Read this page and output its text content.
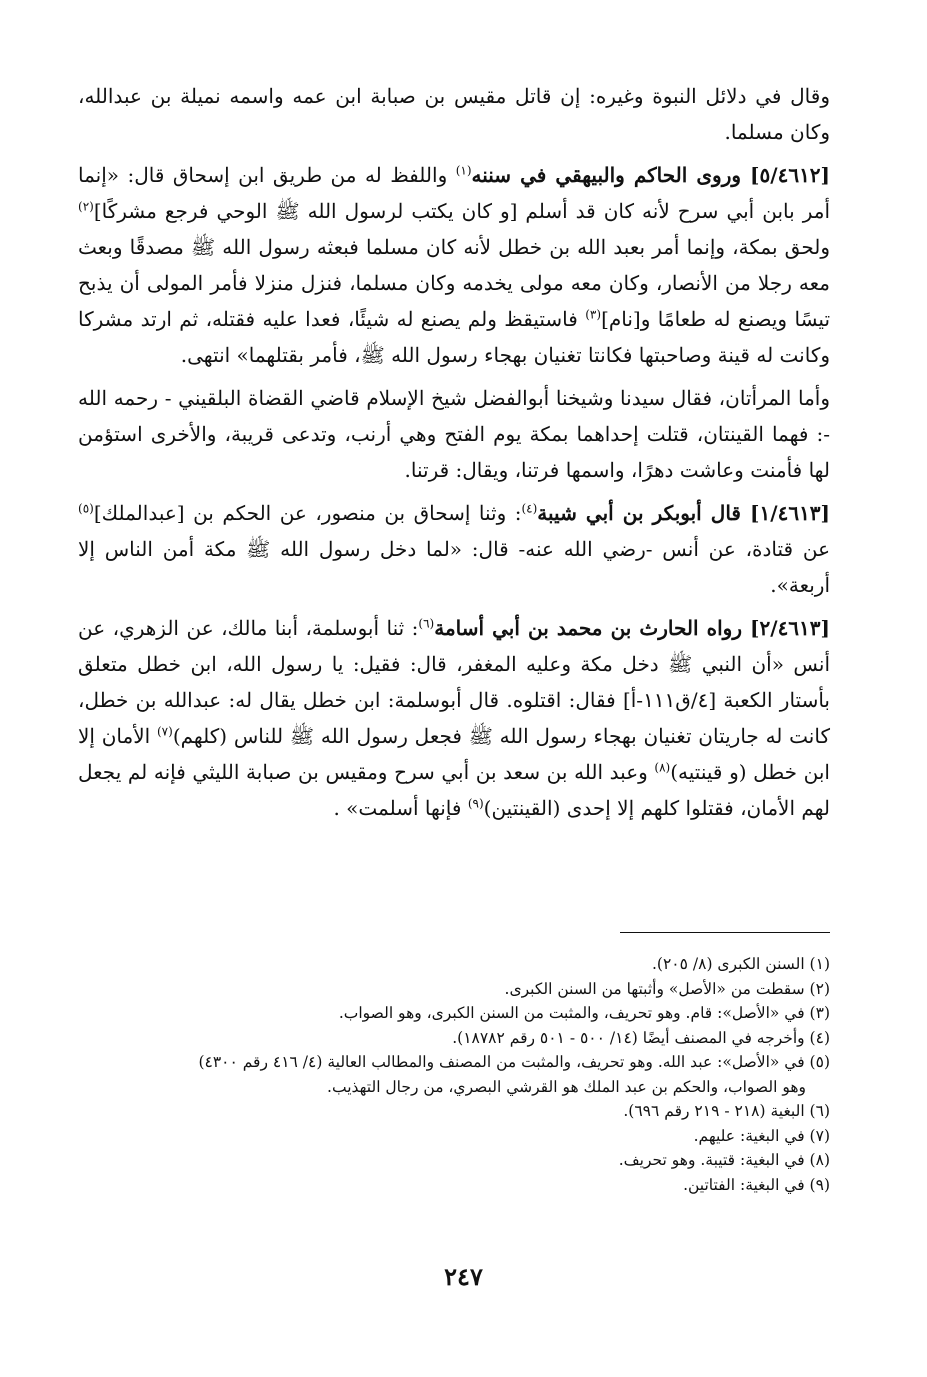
وقال في دلائل النبوة وغيره: إن قاتل مقيس بن صبابة ابن عمه واسمه نميلة بن عبدالله، وكان مسلما.

[٥/٤٦١٢] وروى الحاكم والبيهقي في سننه$^{(١)}$ واللفظ له من طريق ابن إسحاق قال: «إنما أمر بابن أبي سرح لأنه كان قد أسلم [و كان يكتب لرسول الله ﷺ الوحي فرجع مشركًا]$^{(٢)}$ ولحق بمكة، وإنما أمر بعبد الله بن خطل لأنه كان مسلما فبعثه رسول الله ﷺ مصدقًا وبعث معه رجلا من الأنصار، وكان معه مولى يخدمه وكان مسلما، فنزل منزلا فأمر المولى أن يذبح تيسًا ويصنع له طعامًا و[نام]$^{(٣)}$ فاستيقظ ولم يصنع له شيئًا، فعدا عليه فقتله، ثم ارتد مشركا وكانت له قينة وصاحبتها فكانتا تغنيان بهجاء رسول الله ﷺ، فأمر بقتلهما» انتهى.

وأما المرأتان، فقال سيدنا وشيخنا أبوالفضل شيخ الإسلام قاضي القضاة البلقيني - رحمه الله -: فهما القينتان، قتلت إحداهما بمكة يوم الفتح وهي أرنب، وتدعى قريبة، والأخرى استؤمن لها فأمنت وعاشت دهرًا، واسمها فرتنا، ويقال: قرتنا.

[١/٤٦١٣] قال أبوبكر بن أبي شيبة$^{(٤)}$: وثنا إسحاق بن منصور، عن الحكم بن [عبدالملك]$^{(٥)}$ عن قتادة، عن أنس -رضي الله عنه- قال: «لما دخل رسول الله ﷺ مكة أمن الناس إلا أربعة».

[٢/٤٦١٣] رواه الحارث بن محمد بن أبي أسامة$^{(٦)}$: ثنا أبوسلمة، أبنا مالك، عن الزهري، عن أنس «أن النبي ﷺ دخل مكة وعليه المغفر، قال: فقيل: يا رسول الله، ابن خطل متعلق بأستار الكعبة [٤/ق١١١-أ] فقال: اقتلوه. قال أبوسلمة: ابن خطل يقال له: عبدالله بن خطل، كانت له جاريتان تغنيان بهجاء رسول الله ﷺ فجعل رسول الله ﷺ للناس (كلهم)$^{(٧)}$ الأمان إلا ابن خطل (و قينتيه)$^{(٨)}$ وعبد الله بن سعد بن أبي سرح ومقيس بن صبابة الليثي فإنه لم يجعل لهم الأمان، فقتلوا كلهم إلا إحدى (القينتين)$^{(٩)}$ فإنها أسلمت» .

(١) السنن الكبرى (٨/ ٢٠٥).

(٢) سقطت من «الأصل» وأثبتها من السنن الكبرى.

(٣) في «الأصل»: قام. وهو تحريف، والمثبت من السنن الكبرى، وهو الصواب.

(٤) وأخرجه في المصنف أيضًا (١٤/ ٥٠٠ - ٥٠١ رقم ١٨٧٨٢).

(٥) في «الأصل»: عبد الله. وهو تحريف، والمثبت من المصنف والمطالب العالية (٤/ ٤١٦ رقم ٤٣٠٠)

وهو الصواب، والحكم بن عبد الملك هو القرشي البصري، من رجال التهذيب.

(٦) البغية (٢١٨ - ٢١٩ رقم ٦٩٦).

(٧) في البغية: عليهم.

(٨) في البغية: قتيبة. وهو تحريف.

(٩) في البغية: الفتاتين.

٢٤٧
